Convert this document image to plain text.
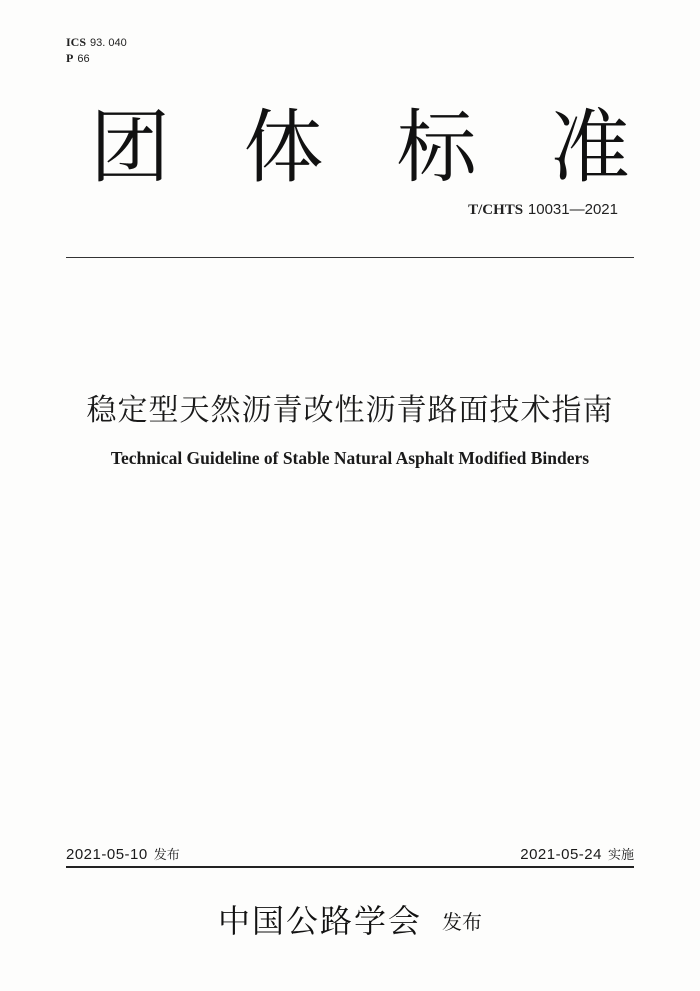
ICS 93. 040
P 66
团 体 标 准
T/CHTS 10031—2021
稳定型天然沥青改性沥青路面技术指南
Technical Guideline of Stable Natural Asphalt Modified Binders
2021-05-10 发布	2021-05-24 实施
中国公路学会 发布
